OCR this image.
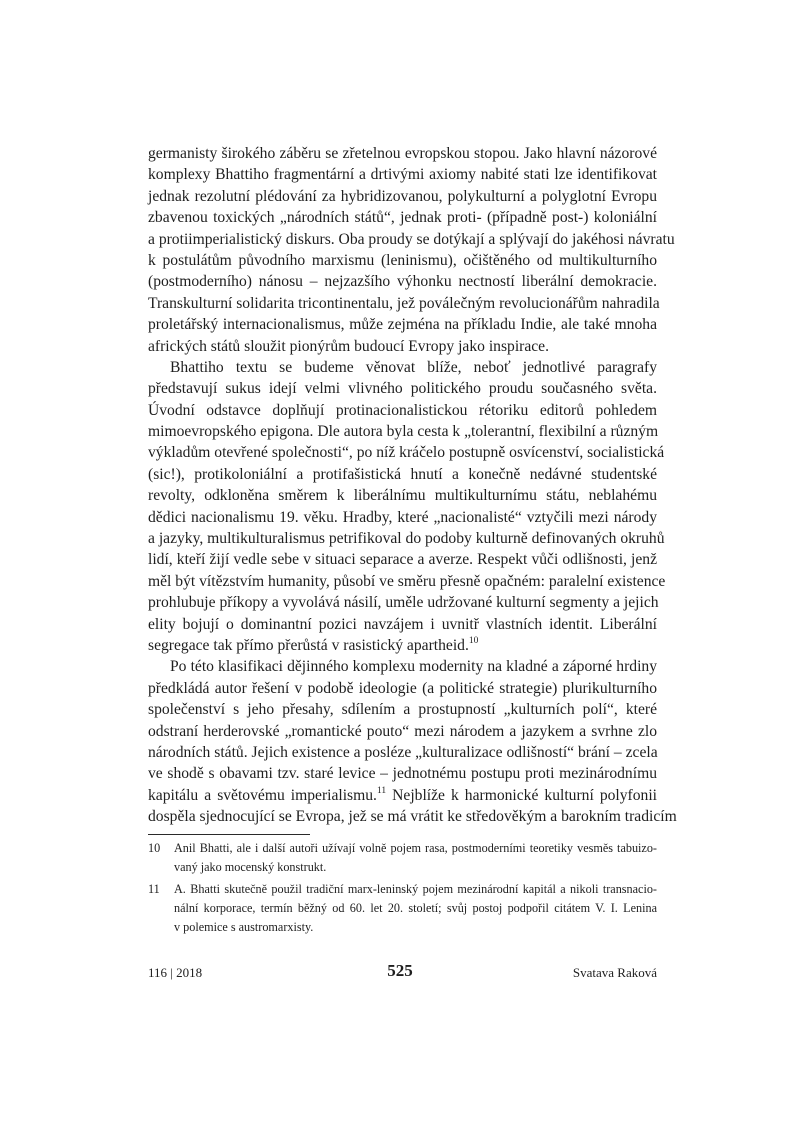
germanisty širokého záběru se zřetelnou evropskou stopou. Jako hlavní názorové
komplexy Bhattiho fragmentární a drtivými axiomy nabité stati lze identifikovat
jednak rezolutní plédování za hybridizovanou, polykulturní a polyglotní Evropu
zbavenou toxických „národních států“, jednak proti- (případně post-) koloniální
a protiimperialistický diskurs. Oba proudy se dotýkají a splývají do jakéhosi návratu
k postulátům původního marxismu (leninismu), očištěného od multikulturního
(postmoderního) nánosu – nejzazšího výhonku nectností liberální demokracie.
Transkulturní solidarita tricontinentalu, jež poválečným revolucionářům nahradila
proletářský internacionalismus, může zejména na příkladu Indie, ale také mnoha
afrických států sloužit pionýrům budoucí Evropy jako inspirace.
Bhattiho textu se budeme věnovat blíže, neboť jednotlivé paragrafy
představují sukus idejí velmi vlivného politického proudu současného světa.
Úvodní odstavce doplňují protinacionalistickou rétoriku editorů pohledem
mimoevropského epigona. Dle autora byla cesta k „tolerantní, flexibilní a různým
výkladům otevřené společnosti“, po níž kráčelo postupně osvícenství, socialistická
(sic!), protikoloniální a protifašistická hnutí a konečně nedávné studentské
revolty, odkloněna směrem k liberálnímu multikulturnímu státu, neblahému
dědici nacionalismu 19. věku. Hradby, které „nacionalisté“ vztyčili mezi národy
a jazyky, multikulturalismus petrifikoval do podoby kulturně definovaných okruhů
lidí, kteří žijí vedle sebe v situaci separace a averze. Respekt vůči odlišnosti, jenž
měl být vítězstvím humanity, působí ve směru přesně opačném: paralelní existence
prohlubuje příkopy a vyvolává násilí, uměle udržované kulturní segmenty a jejich
elity bojují o dominantní pozici navzájem i uvnitř vlastních identit. Liberální
segregace tak přímo přerůstá v rasistický apartheid.$^{10}$
Po této klasifikaci dějinného komplexu modernity na kladné a záporné hrdiny
předkládá autor řešení v podobě ideologie (a politické strategie) plurikulturního
společenství s jeho přesahy, sdílením a prostupností „kulturních polí“, které
odstraní herderovské „romantické pouto“ mezi národem a jazykem a svrhne zlo
národních států. Jejich existence a posléze „kulturalizace odlišností“ brání – zcela
ve shodě s obavami tzv. staré levice – jednotnému postupu proti mezinárodnímu
kapitálu a světovému imperialismu.$^{11}$ Nejblíže k harmonické kulturní polyfonii
dospěla sjednocující se Evropa, jež se má vrátit ke středověkým a barokním tradicím
10	Anil Bhatti, ale i další autoři užívají volně pojem rasa, postmoderními teoretiky vesměs tabuizo-
vaný jako mocenský konstrukt.
11	A. Bhatti skutečně použil tradiční marx-leninský pojem mezinárodní kapitál a nikoli transnacio-
nální korporace, termín běžný od 60. let 20. století; svůj postoj podpořil citátem V. I. Lenina
v polemice s austromarxisty.
116 | 2018	525	Svatava Raková
